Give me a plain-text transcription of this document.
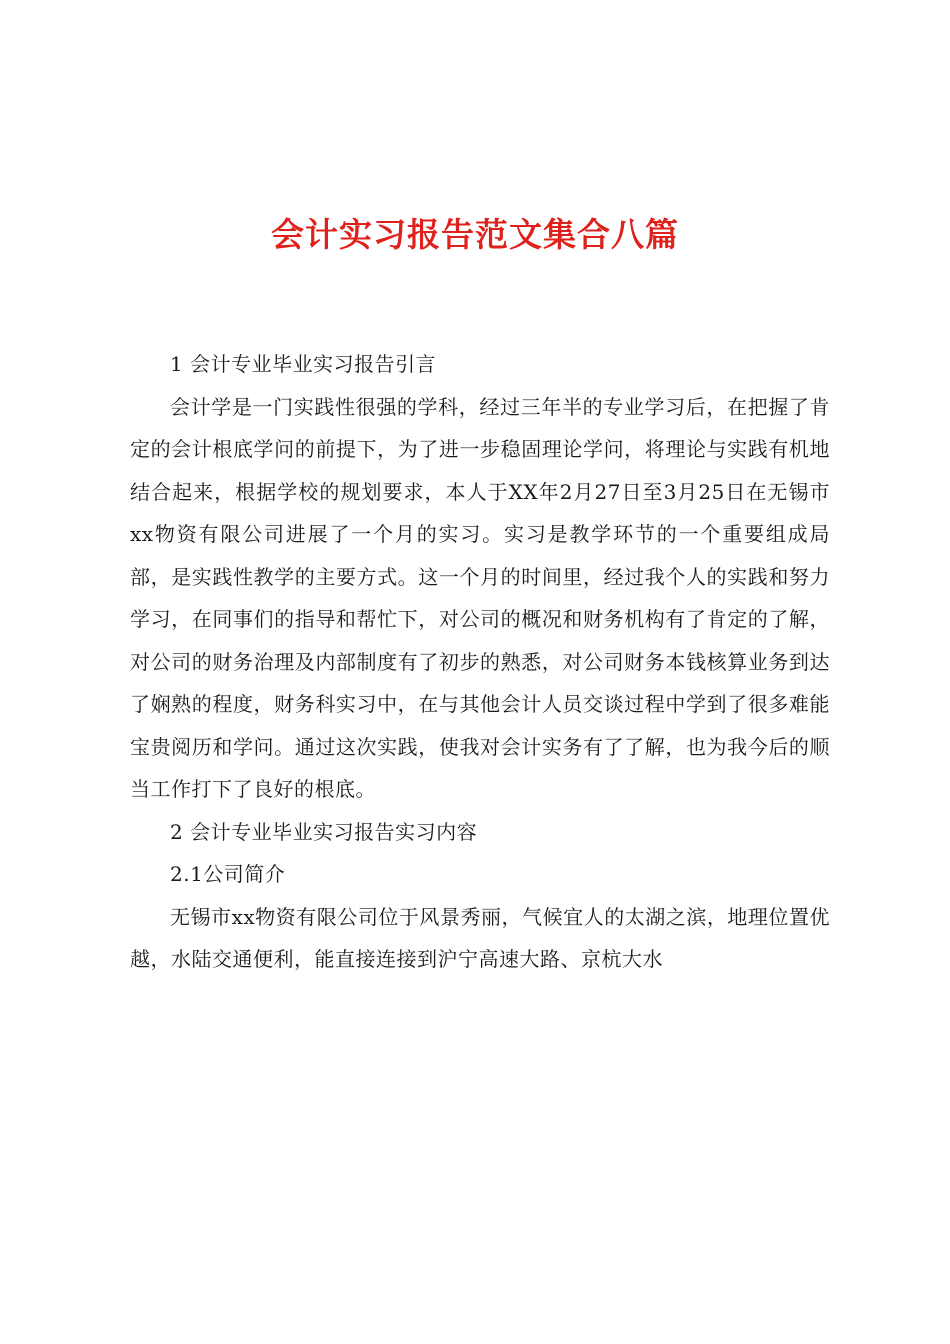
会计实习报告范文集合八篇

1 会计专业毕业实习报告引言

会计学是一门实践性很强的学科，经过三年半的专业学习后，在把握了肯定的会计根底学问的前提下，为了进一步稳固理论学问，将理论与实践有机地结合起来，根据学校的规划要求，本人于XX年2月27日至3月25日在无锡市xx物资有限公司进展了一个月的实习。实习是教学环节的一个重要组成局部，是实践性教学的主要方式。这一个月的时间里，经过我个人的实践和努力学习，在同事们的指导和帮忙下，对公司的概况和财务机构有了肯定的了解，对公司的财务治理及内部制度有了初步的熟悉，对公司财务本钱核算业务到达了娴熟的程度，财务科实习中，在与其他会计人员交谈过程中学到了很多难能宝贵阅历和学问。通过这次实践，使我对会计实务有了了解，也为我今后的顺当工作打下了良好的根底。

2 会计专业毕业实习报告实习内容

2.1公司简介

无锡市xx物资有限公司位于风景秀丽，气候宜人的太湖之滨，地理位置优越，水陆交通便利，能直接连接到沪宁高速大路、京杭大水
